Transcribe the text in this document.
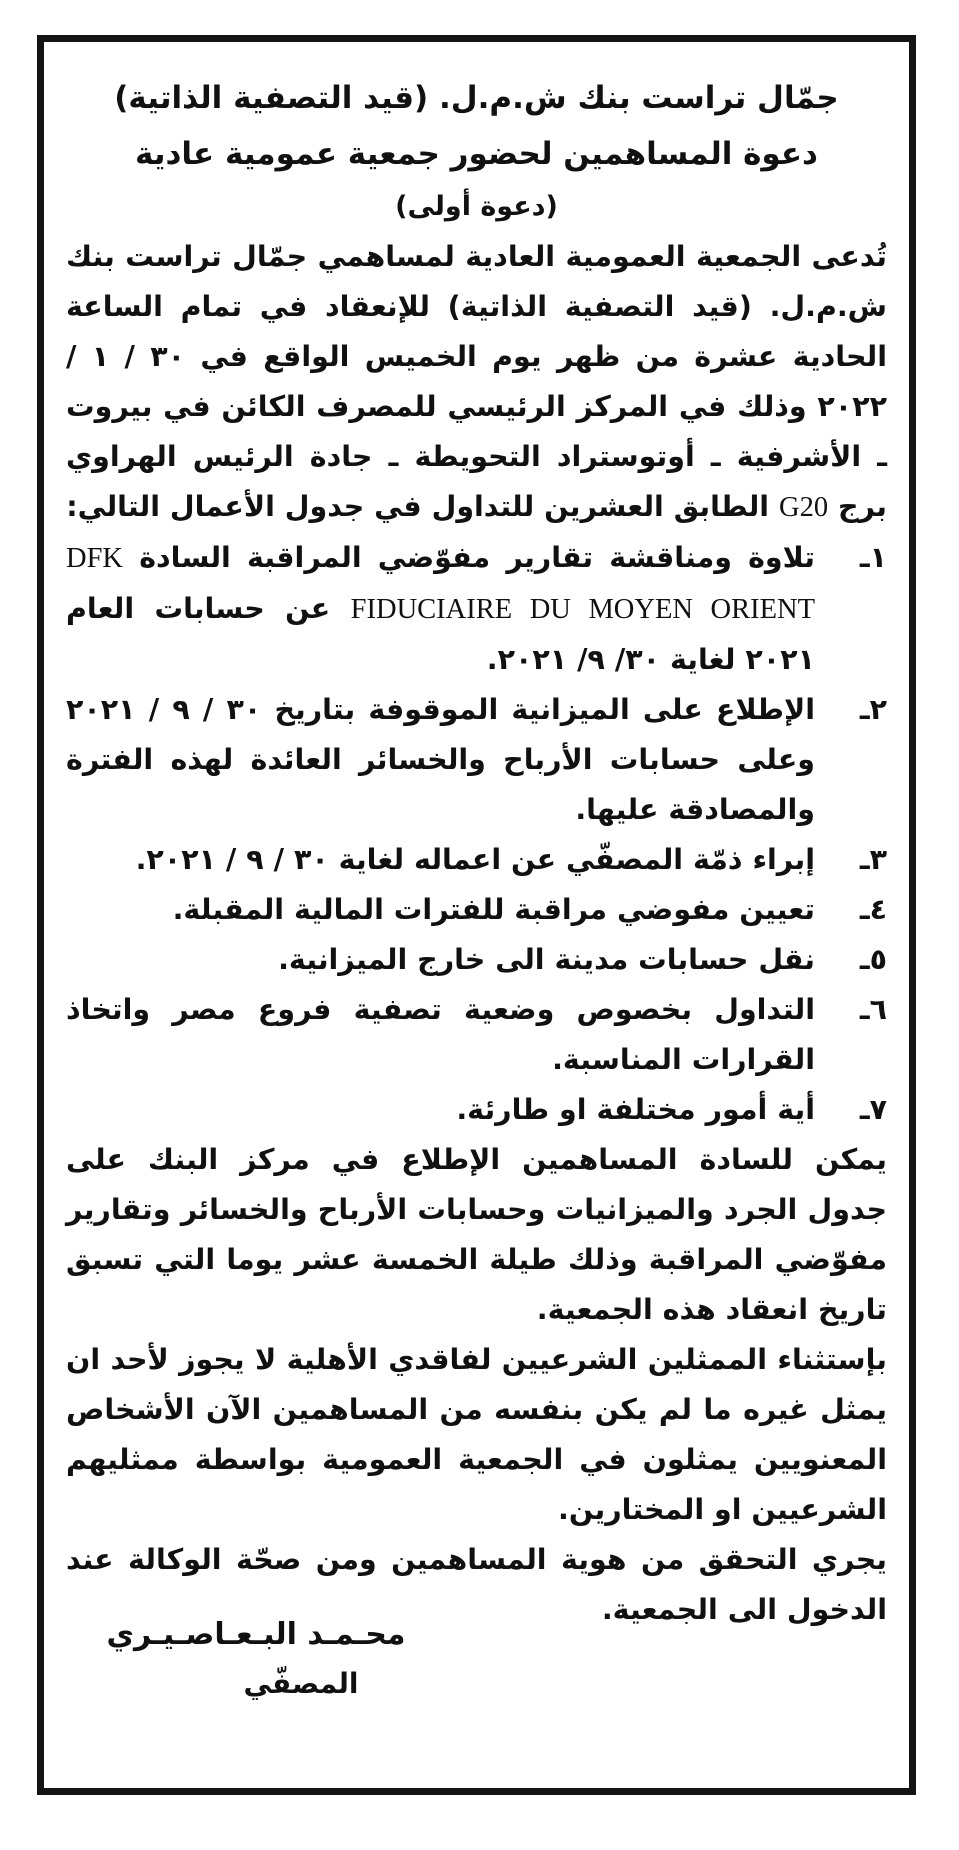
جمّال تراست بنك ش.م.ل. (قيد التصفية الذاتية)

دعوة المساهمين لحضور جمعية عمومية عادية

(دعوة أولى)

تُدعى الجمعية العمومية العادية لمساهمي جمّال تراست بنك ش.م.ل. (قيد التصفية الذاتية) للإنعقاد في تمام الساعة الحادية عشرة من ظهر يوم الخميس الواقع في ٣٠ / ١ / ٢٠٢٢ وذلك في المركز الرئيسي للمصرف الكائن في بيروت ـ الأشرفية ـ أوتوستراد التحويطة ـ جادة الرئيس الهراوي برج G20 الطابق العشرين للتداول في جدول الأعمال التالي:

١ـ
تلاوة ومناقشة تقارير مفوّضي المراقبة السادة DFK FIDUCIAIRE DU MOYEN ORIENT عن حسابات العام ٢٠٢١ لغاية ٣٠/ ٩/ ٢٠٢١.
٢ـ
الإطلاع على الميزانية الموقوفة بتاريخ ٣٠ / ٩ / ٢٠٢١ وعلى حسابات الأرباح والخسائر العائدة لهذه الفترة والمصادقة عليها.
٣ـ
إبراء ذمّة المصفّي عن اعماله لغاية ٣٠ / ٩ / ٢٠٢١.
٤ـ
تعيين مفوضي مراقبة للفترات المالية المقبلة.
٥ـ
نقل حسابات مدينة الى خارج الميزانية.
٦ـ
التداول بخصوص وضعية تصفية فروع مصر واتخاذ القرارات المناسبة.
٧ـ
أية أمور مختلفة او طارئة.

يمكن للسادة المساهمين الإطلاع في مركز البنك على جدول الجرد والميزانيات وحسابات الأرباح والخسائر وتقارير مفوّضي المراقبة وذلك طيلة الخمسة عشر يوما التي تسبق تاريخ انعقاد هذه الجمعية.

بإستثناء الممثلين الشرعيين لفاقدي الأهلية لا يجوز لأحد ان يمثل غيره ما لم يكن بنفسه من المساهمين الآن الأشخاص المعنويين يمثلون في الجمعية العمومية بواسطة ممثليهم الشرعيين او المختارين.

يجري التحقق من هوية المساهمين ومن صحّة الوكالة عند الدخول الى الجمعية.

محـمـد البـعـاصـيـري
المصفّي
